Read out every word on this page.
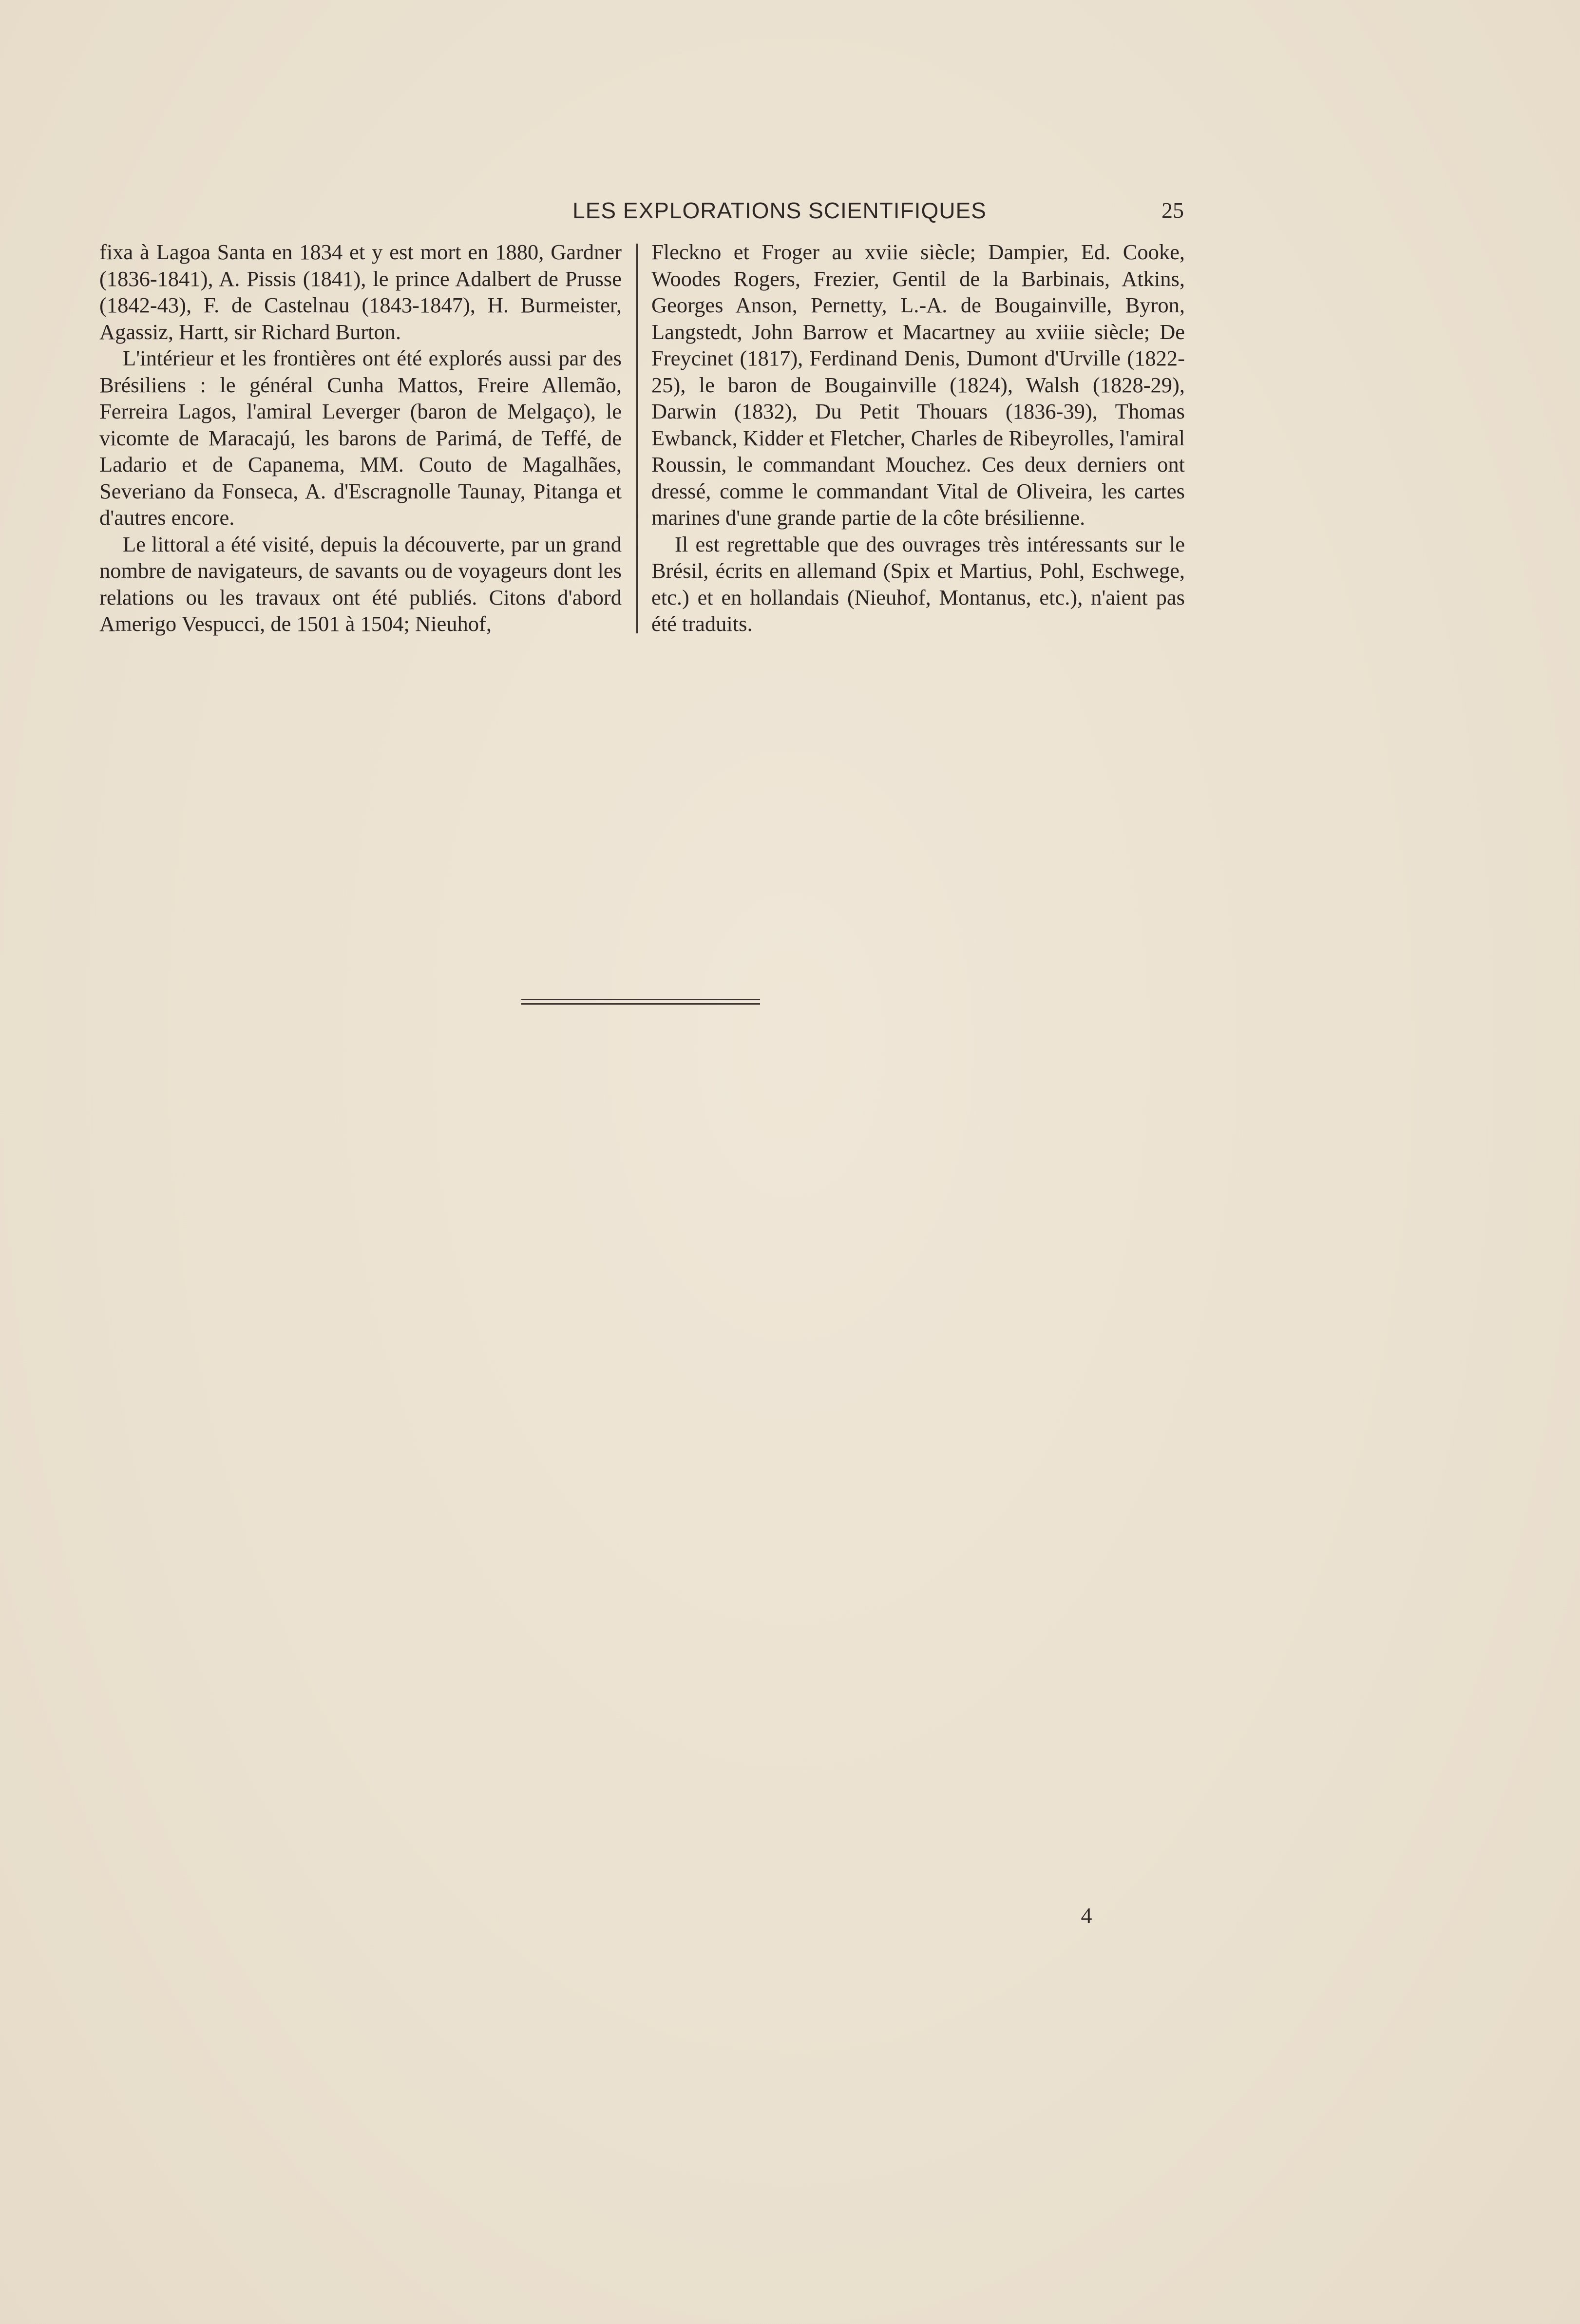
LES EXPLORATIONS SCIENTIFIQUES	25

fixa à Lagoa Santa en 1834 et y est mort en 1880, Gardner (1836-1841), A. Pissis (1841), le prince Adalbert de Prusse (1842-43), F. de Castelnau (1843-1847), H. Burmeister, Agassiz, Hartt, sir Richard Burton.

L'intérieur et les frontières ont été explorés aussi par des Brésiliens : le général Cunha Mattos, Freire Allemão, Ferreira Lagos, l'amiral Leverger (baron de Melgaço), le vicomte de Maracajú, les barons de Parimá, de Teffé, de Ladario et de Capanema, MM. Couto de Magalhães, Severiano da Fonseca, A. d'Escragnolle Taunay, Pitanga et d'autres encore.

Le littoral a été visité, depuis la découverte, par un grand nombre de navigateurs, de savants ou de voyageurs dont les relations ou les travaux ont été publiés. Citons d'abord Amerigo Vespucci, de 1501 à 1504; Nieuhof,

Fleckno et Froger au xviie siècle; Dampier, Ed. Cooke, Woodes Rogers, Frezier, Gentil de la Barbinais, Atkins, Georges Anson, Pernetty, L.-A. de Bougainville, Byron, Langstedt, John Barrow et Macartney au xviiie siècle; De Freycinet (1817), Ferdinand Denis, Dumont d'Urville (1822-25), le baron de Bougainville (1824), Walsh (1828-29), Darwin (1832), Du Petit Thouars (1836-39), Thomas Ewbanck, Kidder et Fletcher, Charles de Ribeyrolles, l'amiral Roussin, le commandant Mouchez. Ces deux derniers ont dressé, comme le commandant Vital de Oliveira, les cartes marines d'une grande partie de la côte brésilienne.

Il est regrettable que des ouvrages très intéressants sur le Brésil, écrits en allemand (Spix et Martius, Pohl, Eschwege, etc.) et en hollandais (Nieuhof, Montanus, etc.), n'aient pas été traduits.

4
